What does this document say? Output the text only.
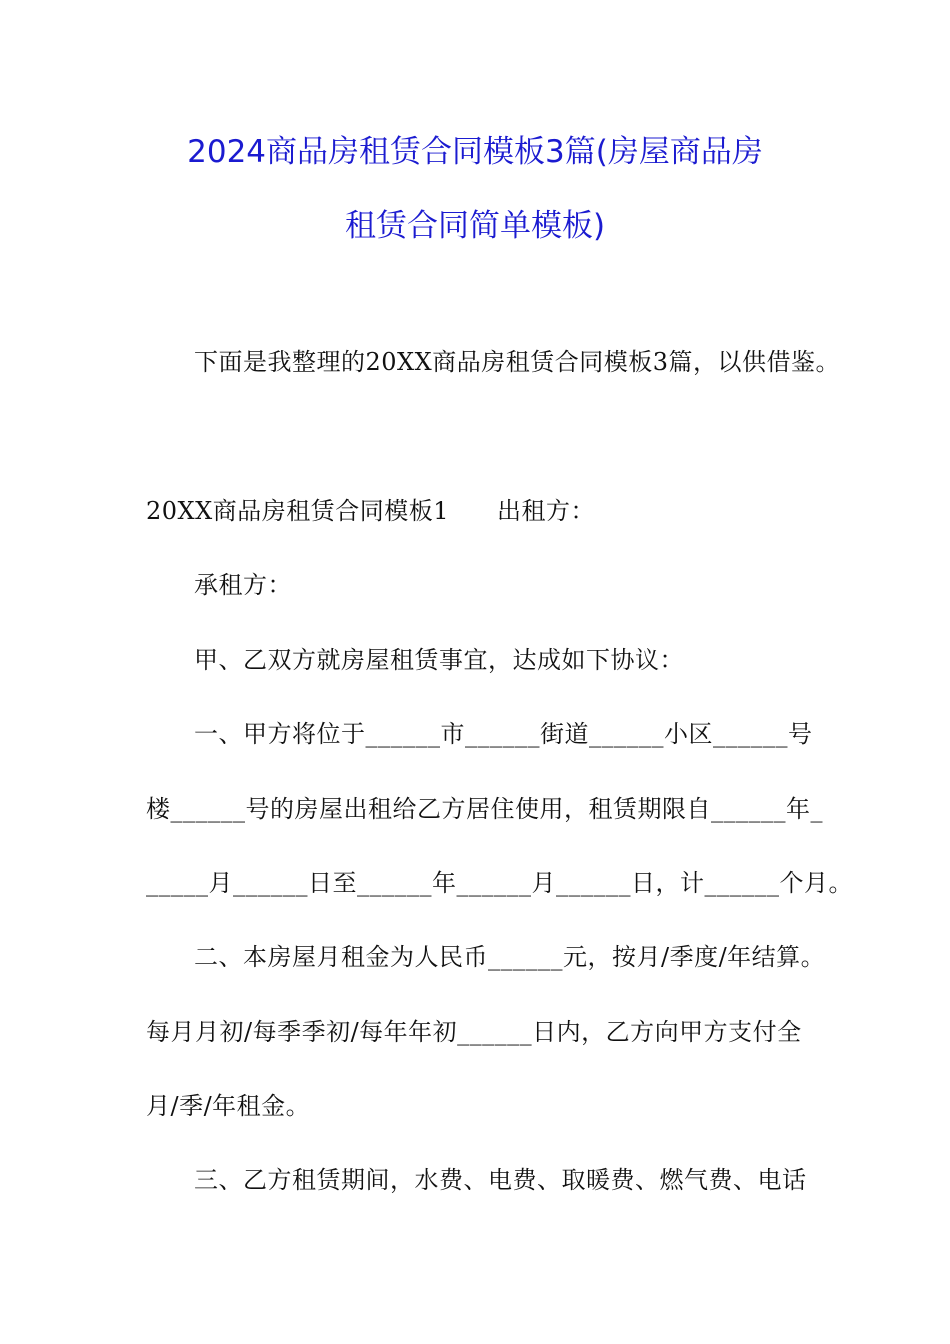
2024商品房租赁合同模板3篇(房屋商品房
租赁合同简单模板)

下面是我整理的20XX商品房租赁合同模板3篇，以供借鉴。

20XX商品房租赁合同模板1 出租方：

承租方：

甲、乙双方就房屋租赁事宜，达成如下协议：

一、甲方将位于______市______街道______小区______号

楼______号的房屋出租给乙方居住使用，租赁期限自______年_

_____月______日至______年______月______日，计______个月。

二、本房屋月租金为人民币______元，按月/季度/年结算。

每月月初/每季季初/每年年初______日内，乙方向甲方支付全

月/季/年租金。

三、乙方租赁期间，水费、电费、取暖费、燃气费、电话
